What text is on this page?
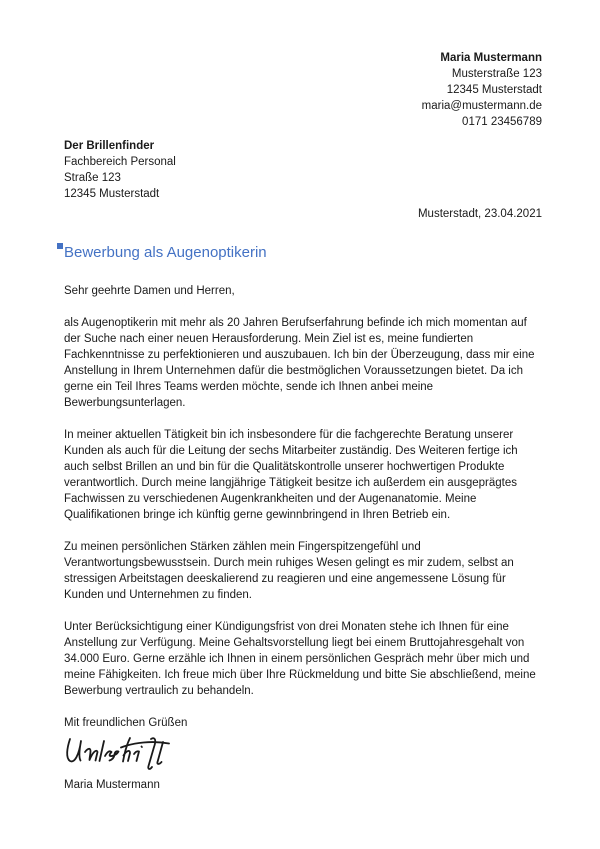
Maria Mustermann
Musterstraße 123
12345 Musterstadt
maria@mustermann.de
0171 23456789
Der Brillenfinder
Fachbereich Personal
Straße 123
12345 Musterstadt
Musterstadt, 23.04.2021
Bewerbung als Augenoptikerin
Sehr geehrte Damen und Herren,

als Augenoptikerin mit mehr als 20 Jahren Berufserfahrung befinde ich mich momentan auf der Suche nach einer neuen Herausforderung. Mein Ziel ist es, meine fundierten Fachkenntnisse zu perfektionieren und auszubauen. Ich bin der Überzeugung, dass mir eine Anstellung in Ihrem Unternehmen dafür die bestmöglichen Voraussetzungen bietet. Da ich gerne ein Teil Ihres Teams werden möchte, sende ich Ihnen anbei meine Bewerbungsunterlagen.

In meiner aktuellen Tätigkeit bin ich insbesondere für die fachgerechte Beratung unserer Kunden als auch für die Leitung der sechs Mitarbeiter zuständig. Des Weiteren fertige ich auch selbst Brillen an und bin für die Qualitätskontrolle unserer hochwertigen Produkte verantwortlich. Durch meine langjährige Tätigkeit besitze ich außerdem ein ausgeprägtes Fachwissen zu verschiedenen Augenkrankheiten und der Augenanatomie. Meine Qualifikationen bringe ich künftig gerne gewinnbringend in Ihren Betrieb ein.

Zu meinen persönlichen Stärken zählen mein Fingerspitzengefühl und Verantwortungsbewusstsein. Durch mein ruhiges Wesen gelingt es mir zudem, selbst an stressigen Arbeitstagen deeskalierend zu reagieren und eine angemessene Lösung für Kunden und Unternehmen zu finden.

Unter Berücksichtigung einer Kündigungsfrist von drei Monaten stehe ich Ihnen für eine Anstellung zur Verfügung. Meine Gehaltsvorstellung liegt bei einem Bruttojahresgehalt von 34.000 Euro. Gerne erzähle ich Ihnen in einem persönlichen Gespräch mehr über mich und meine Fähigkeiten. Ich freue mich über Ihre Rückmeldung und bitte Sie abschließend, meine Bewerbung vertraulich zu behandeln.

Mit freundlichen Grüßen
Maria Mustermann
